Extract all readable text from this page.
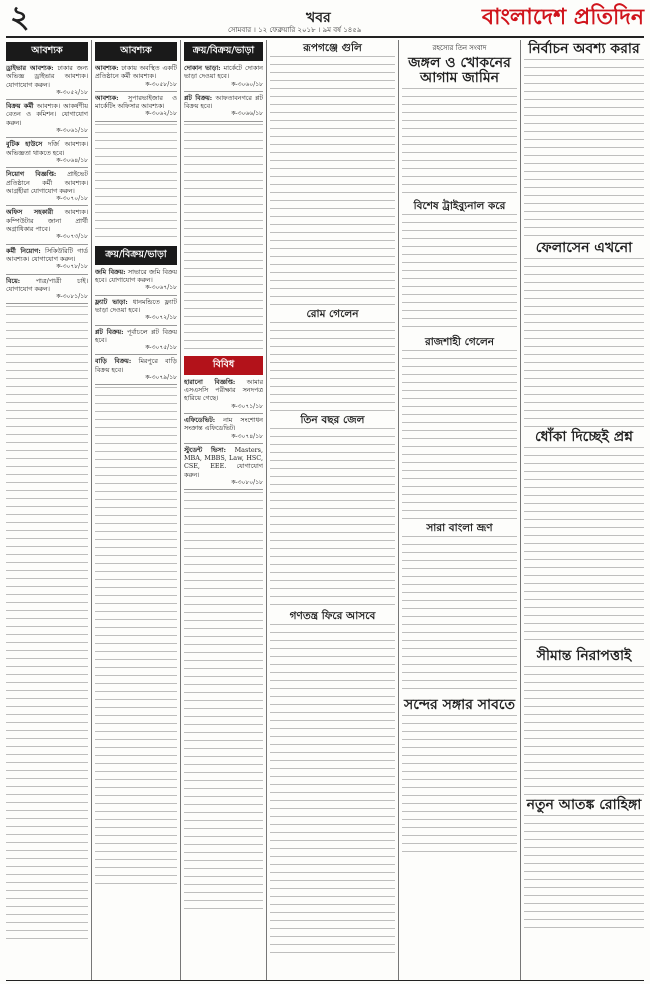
২	খবর
সোমবার । ১২ ফেব্রুয়ারি ২০১৮ । ৯ম বর্ষ ১৪৫৯	বাংলাদেশ প্রতিদিন
আবশ্যক
ড্রাইভার আবশ্যক: ঢাকার জন্য অভিজ্ঞ ড্রাইভার আবশ্যক। যোগাযোগ করুন।
ক-৩০৫২/১৮
বিক্রয় কর্মী আবশ্যক। আকর্ষণীয় বেতন ও কমিশন। যোগাযোগ করুন।
ক-৩০৬১/১৮
বুটিক হাউসে দর্জি আবশ্যক। অভিজ্ঞতা থাকতে হবে।
ক-৩০৬৪/১৮
নিয়োগ বিজ্ঞপ্তি: প্রাইভেট প্রতিষ্ঠানে কর্মী আবশ্যক। আগ্রহীরা যোগাযোগ করুন।
ক-৩০৭০/১৮
অফিস সহকারী আবশ্যক। কম্পিউটার জানা প্রার্থী অগ্রাধিকার পাবে।
ক-৩০৭৩/১৮
কর্মী নিয়োগ: সিকিউরিটি গার্ড আবশ্যক। যোগাযোগ করুন।
ক-৩০৭৮/১৮
বিয়ে: পাত্র/পাত্রী চাই। যোগাযোগ করুন।
ক-৩০৮১/১৮
আবশ্যক
আবশ্যক: ঢাকায় অবস্থিত একটি প্রতিষ্ঠানে কর্মী আবশ্যক।
ক-৩০৫৮/১৮
আবশ্যক: সুপারভাইজার ও মার্কেটিং অফিসার আবশ্যক।
ক-৩০৬২/১৮
ক্রয়/বিক্রয়/ভাড়া
জমি বিক্রয়: সাভারে জমি বিক্রয় হবে। যোগাযোগ করুন।
ক-৩০৬৭/১৮
ফ্ল্যাট ভাড়া: ধানমন্ডিতে ফ্ল্যাট ভাড়া দেওয়া হবে।
ক-৩০৭২/১৮
প্লট বিক্রয়: পূর্বাচলে প্লট বিক্রয় হবে।
ক-৩০৭৫/১৮
বাড়ি বিক্রয়: মিরপুরে বাড়ি বিক্রয় হবে।
ক-৩০৭৯/১৮
ক্রয়/বিক্রয়/ভাড়া
দোকান ভাড়া: মার্কেটে দোকান ভাড়া দেওয়া হবে।
ক-৩০৬০/১৮
প্লট বিক্রয়: আফতাবনগরে প্লট বিক্রয় হবে।
ক-৩০৬৬/১৮
বিবিধ
হারানো বিজ্ঞপ্তি: আমার এসএসসি পরীক্ষার সনদপত্র হারিয়ে গেছে।
ক-৩০৭১/১৮
এফিডেভিট: নাম সংশোধন সংক্রান্ত এফিডেভিট।
ক-৩০৭৪/১৮
স্টুডেন্ট ভিসা: Masters, MBA, MBBS, Law, HSC, CSE, EEE. যোগাযোগ করুন।
ক-৩০৮০/১৮
রূপগঞ্জে গুলি
রোম গেলেন
তিন বছর জেল
গণতন্ত্র ফিরে আসবে
রহস্যের তিন সংবাদ
জঙ্গল ও খোকনের আগাম জামিন
বিশেষ ট্রাইব্যুনাল করে
রাজশাহী গেলেন
সারা বাংলা ভ্রূণ
সন্দের সঙ্গার সাবতে
নির্বাচন অবশ্য করার
ফেলাসেন এখনো
ধোঁকা দিচ্ছেই প্রশ্ন
সীমান্ত নিরাপত্তাই
নতুন আতঙ্ক রোহিঙ্গা
